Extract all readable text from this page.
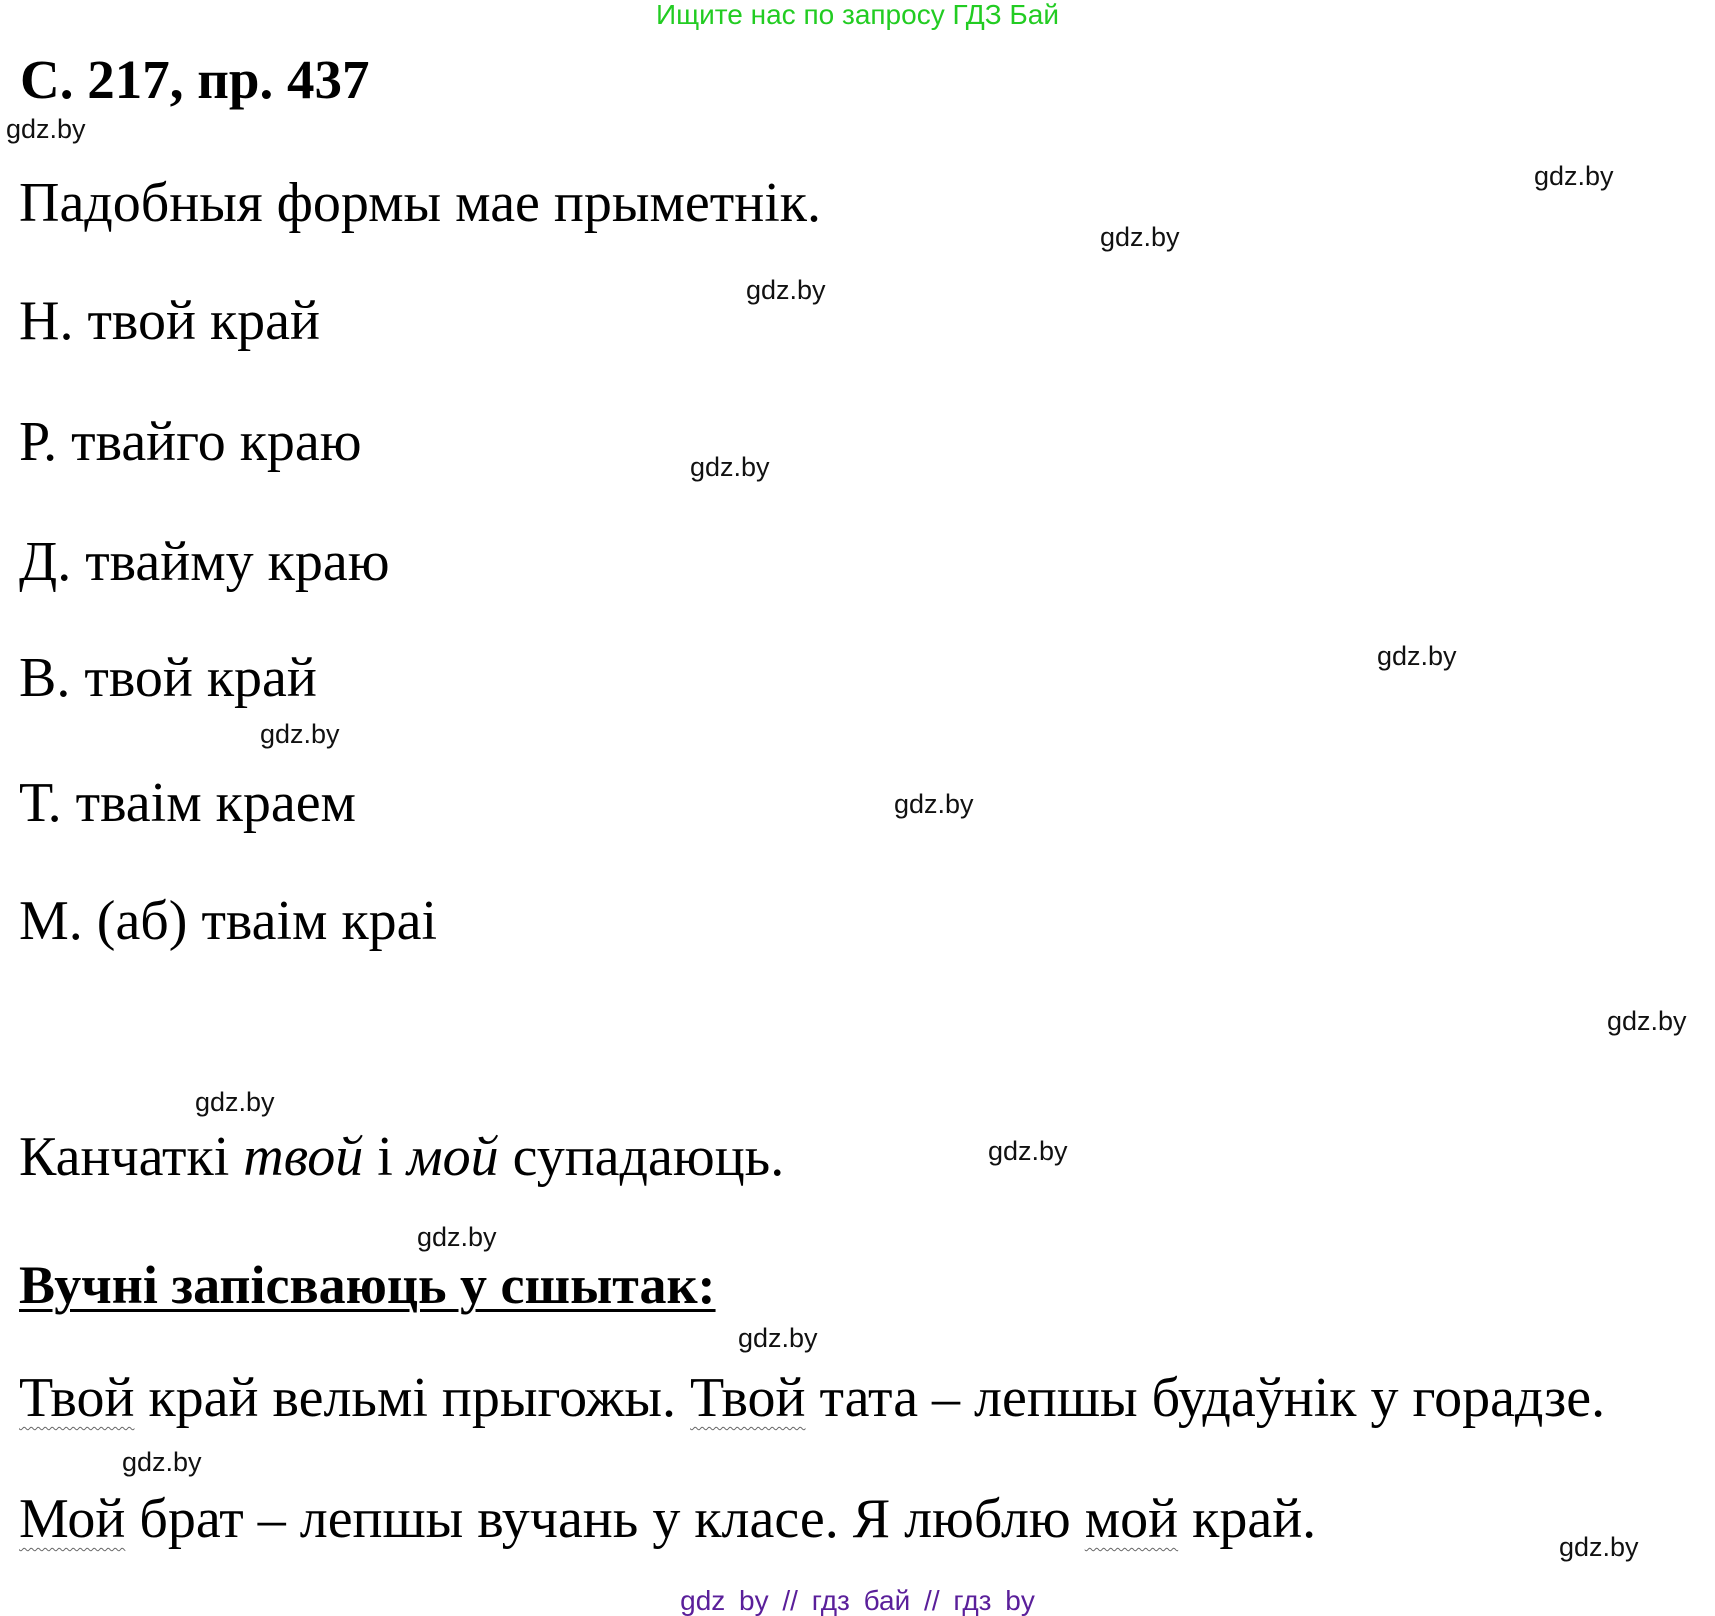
Ищите нас по запросу ГДЗ Бай
С. 217, пр. 437
Падобныя формы мае прыметнік.
Н. твой край
Р. твайго краю
Д. твайму краю
В. твой край
Т. тваім краем
М. (аб) тваім краі
Канчаткі твой і мой супадаюць.
Вучні запісваюць у сшытак:
Твой край вельмі прыгожы. Твой тата – лепшы будаўнік у горадзе.
Мой брат – лепшы вучань у класе. Я люблю мой край.
gdz.by
gdz.by
gdz.by
gdz.by
gdz.by
gdz.by
gdz.by
gdz.by
gdz.by
gdz.by
gdz.by
gdz.by
gdz.by
gdz.by
gdz.by
gdz by // гдз бай // гдз by
